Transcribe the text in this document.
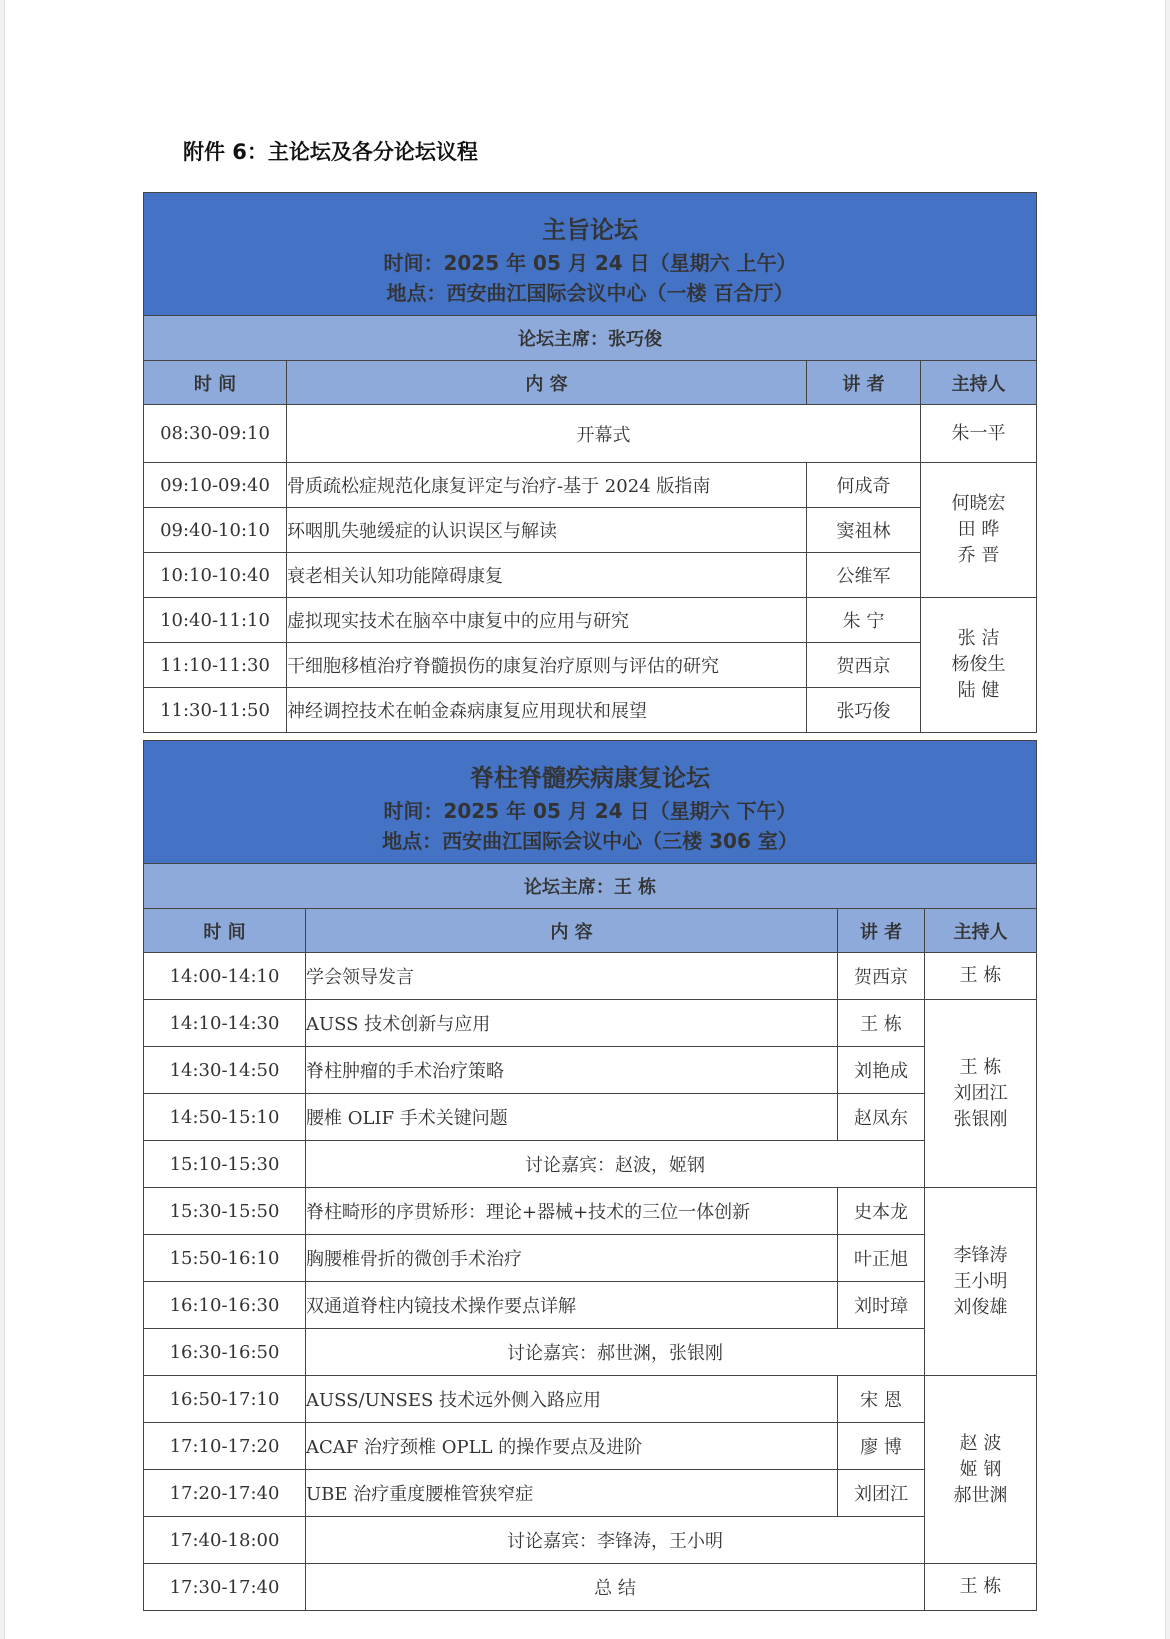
附件 6：主论坛及各分论坛议程
主旨论坛
时间：2025 年 05 月 24 日（星期六 上午）
地点：西安曲江国际会议中心（一楼 百合厅）			

论坛主席：张巧俊			
时 间	内 容	讲 者	主持人
08:30-09:10	开幕式		朱一平

09:10-09:40	骨质疏松症规范化康复评定与治疗-基于 2024 版指南	何成奇	何晓宏
田 晔
乔 晋

09:40-10:10	环咽肌失驰缓症的认识误区与解读	窦祖林	
10:10-10:40	衰老相关认知功能障碍康复	公维军	
10:40-11:10	虚拟现实技术在脑卒中康复中的应用与研究	朱 宁	张 洁
杨俊生
陆 健

11:10-11:30	干细胞移植治疗脊髓损伤的康复治疗原则与评估的研究	贺西京	
11:30-11:50	神经调控技术在帕金森病康复应用现状和展望	张巧俊	
脊柱脊髓疾病康复论坛
时间：2025 年 05 月 24 日（星期六 下午）
地点：西安曲江国际会议中心（三楼 306 室）			

论坛主席：王 栋			
时 间	内 容	讲 者	主持人
14:00-14:10	学会领导发言	贺西京	王 栋

14:10-14:30	AUSS 技术创新与应用	王 栋	王 栋
刘团江
张银刚

14:30-14:50	脊柱肿瘤的手术治疗策略	刘艳成	
14:50-15:10	腰椎 OLIF 手术关键问题	赵凤东	
15:10-15:30	讨论嘉宾：赵波，姬钢		
15:30-15:50	脊柱畸形的序贯矫形：理论+器械+技术的三位一体创新	史本龙	李锋涛
王小明
刘俊雄

15:50-16:10	胸腰椎骨折的微创手术治疗	叶正旭	
16:10-16:30	双通道脊柱内镜技术操作要点详解	刘时璋	
16:30-16:50	讨论嘉宾：郝世渊，张银刚		
16:50-17:10	AUSS/UNSES 技术远外侧入路应用	宋 恩	赵 波
姬 钢
郝世渊

17:10-17:20	ACAF 治疗颈椎 OPLL 的操作要点及进阶	廖 博	
17:20-17:40	UBE 治疗重度腰椎管狭窄症	刘团江	
17:40-18:00	讨论嘉宾：李锋涛，王小明		
17:30-17:40	总 结		王 栋
